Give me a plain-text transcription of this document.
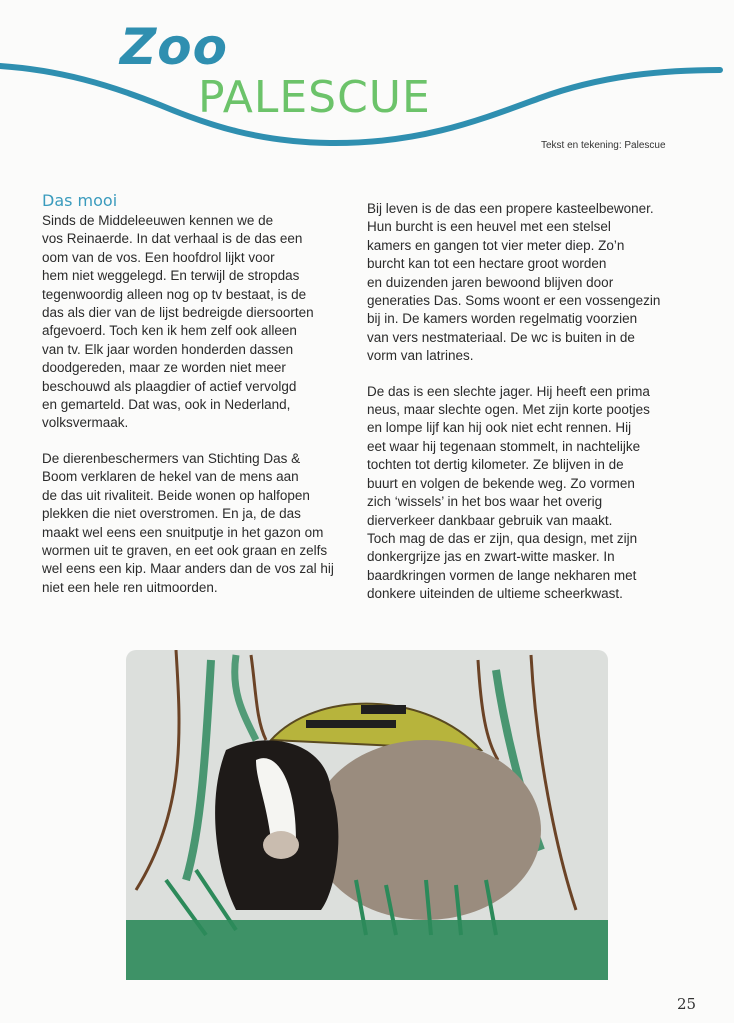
Zoo
PALESCUE
Tekst en tekening: Palescue
Das mooi

Sinds de Middeleeuwen kennen we de
vos Reinaerde. In dat verhaal is de das een
oom van de vos. Een hoofdrol lijkt voor
hem niet weggelegd. En terwijl de stropdas
tegenwoordig alleen nog op tv bestaat, is de
das als dier van de lijst bedreigde diersoorten
afgevoerd. Toch ken ik hem zelf ook alleen
van tv. Elk jaar worden honderden dassen
doodgereden, maar ze worden niet meer
beschouwd als plaagdier of actief vervolgd
en gemarteld. Dat was, ook in Nederland,
volksvermaak.

De dierenbeschermers van Stichting Das &
Boom verklaren de hekel van de mens aan
de das uit rivaliteit. Beide wonen op halfopen
plekken die niet overstromen. En ja, de das
maakt wel eens een snuitputje in het gazon om
wormen uit te graven, en eet ook graan en zelfs
wel eens een kip. Maar anders dan de vos zal hij
niet een hele ren uitmoorden.

Bij leven is de das een propere kasteelbewoner.
Hun burcht is een heuvel met een stelsel
kamers en gangen tot vier meter diep. Zo’n
burcht kan tot een hectare groot worden
en duizenden jaren bewoond blijven door
generaties Das. Soms woont er een vossengezin
bij in. De kamers worden regelmatig voorzien
van vers nestmateriaal. De wc is buiten in de
vorm van latrines.

De das is een slechte jager. Hij heeft een prima
neus, maar slechte ogen. Met zijn korte pootjes
en lompe lijf kan hij ook niet echt rennen. Hij
eet waar hij tegenaan stommelt, in nachtelijke
tochten tot dertig kilometer. Ze blijven in de
buurt en volgen de bekende weg. Zo vormen
zich ‘wissels’ in het bos waar het overig
dierverkeer dankbaar gebruik van maakt.
Toch mag de das er zijn, qua design, met zijn
donkergrijze jas en zwart-witte masker. In
baardkringen vormen de lange nekharen met
donkere uiteinden de ultieme scheerkwast.

25
